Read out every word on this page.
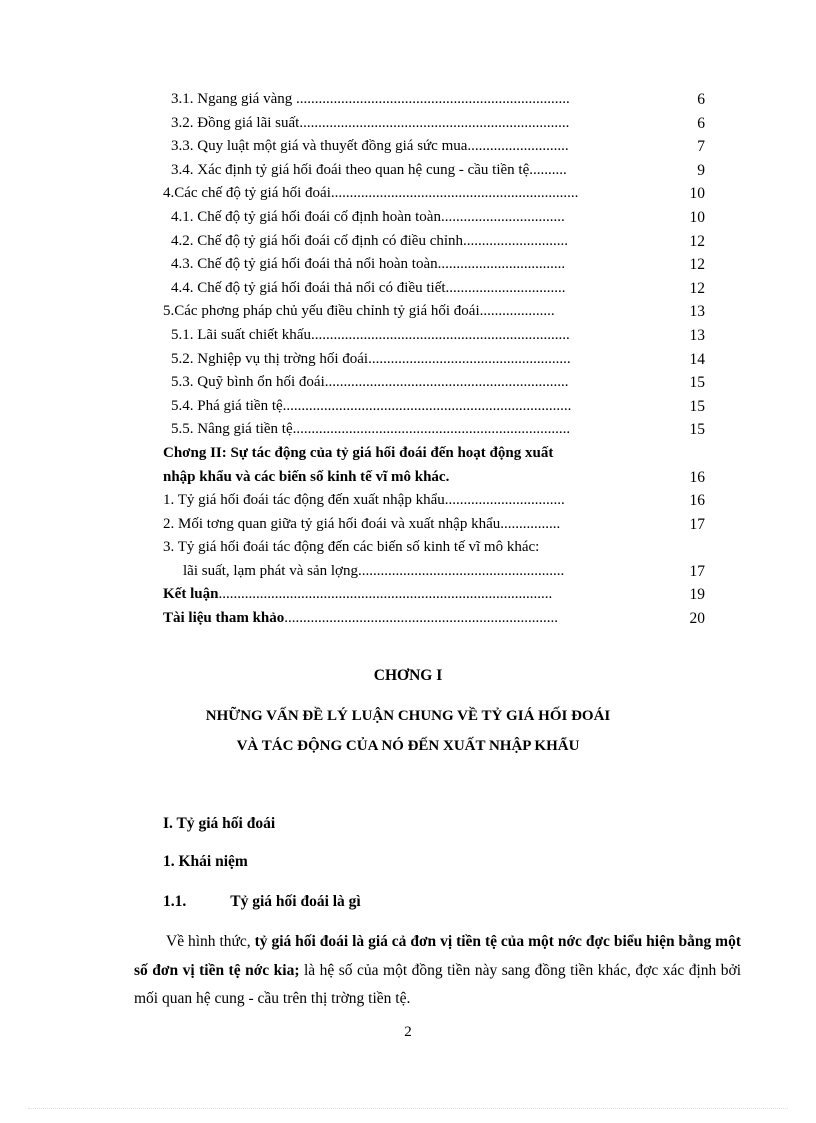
3.1. Ngang giá vàng .........................................................................	6
3.2. Đồng giá lãi suất........................................................................	6
3.3. Quy luật một giá và thuyết đồng giá sức mua...........................	7
3.4. Xác định tỷ giá hối đoái theo quan hệ cung - cầu tiền tệ..........	9
4.Các chế độ tỷ giá hối đoái..................................................................	10
4.1. Chế độ tỷ giá hối đoái cố định hoàn toàn.................................	10
4.2. Chế độ tỷ giá hối đoái cố định có điều chỉnh............................	12
4.3. Chế độ tỷ giá hối đoái thả nổi hoàn toàn..................................	12
4.4. Chế độ tỷ giá hối đoái thả nổi có điều tiết................................	12
5.Các phơng pháp chủ yếu điều chỉnh tỷ giá hối đoái....................	13
5.1. Lãi suất chiết khấu.....................................................................	13
5.2. Nghiệp vụ thị trờng hối đoái......................................................	14
5.3. Quỹ bình ổn hối đoái.................................................................	15
5.4. Phá giá tiền tệ.............................................................................	15
5.5. Nâng giá tiền tệ..........................................................................	15
Chơng II: Sự tác động của tỷ giá hối đoái đến hoạt động xuất
nhập khẩu và các biến số kinh tế vĩ mô khác.	16
1. Tỷ giá hối đoái tác động đến xuất nhập khẩu................................	16
2. Mối tơng quan giữa tỷ giá hối đoái và xuất nhập khẩu................	17
3. Tỷ giá hối đoái tác động đến các biến số kinh tế vĩ mô khác:
lãi suất, lạm phát và sản lợng.......................................................	17
Kết luận.........................................................................................	19
Tài liệu tham khảo.........................................................................	20
CHƠNG I
NHỮNG VẤN ĐỀ LÝ LUẬN CHUNG VỀ TỶ GIÁ HỐI ĐOÁI
VÀ TÁC ĐỘNG CỦA NÓ ĐẾN XUẤT NHẬP KHẨU
I. Tỷ giá hối đoái
1. Khái niệm
1.1.	Tỷ giá hối đoái là gì
Về hình thức, tỷ giá hối đoái là giá cả đơn vị tiền tệ của một nớc đợc biểu hiện bằng một số đơn vị tiền tệ nớc kia; là hệ số của một đồng tiền này sang đồng tiền khác, đợc xác định bởi mối quan hệ cung - cầu trên thị trờng tiền tệ.
2
